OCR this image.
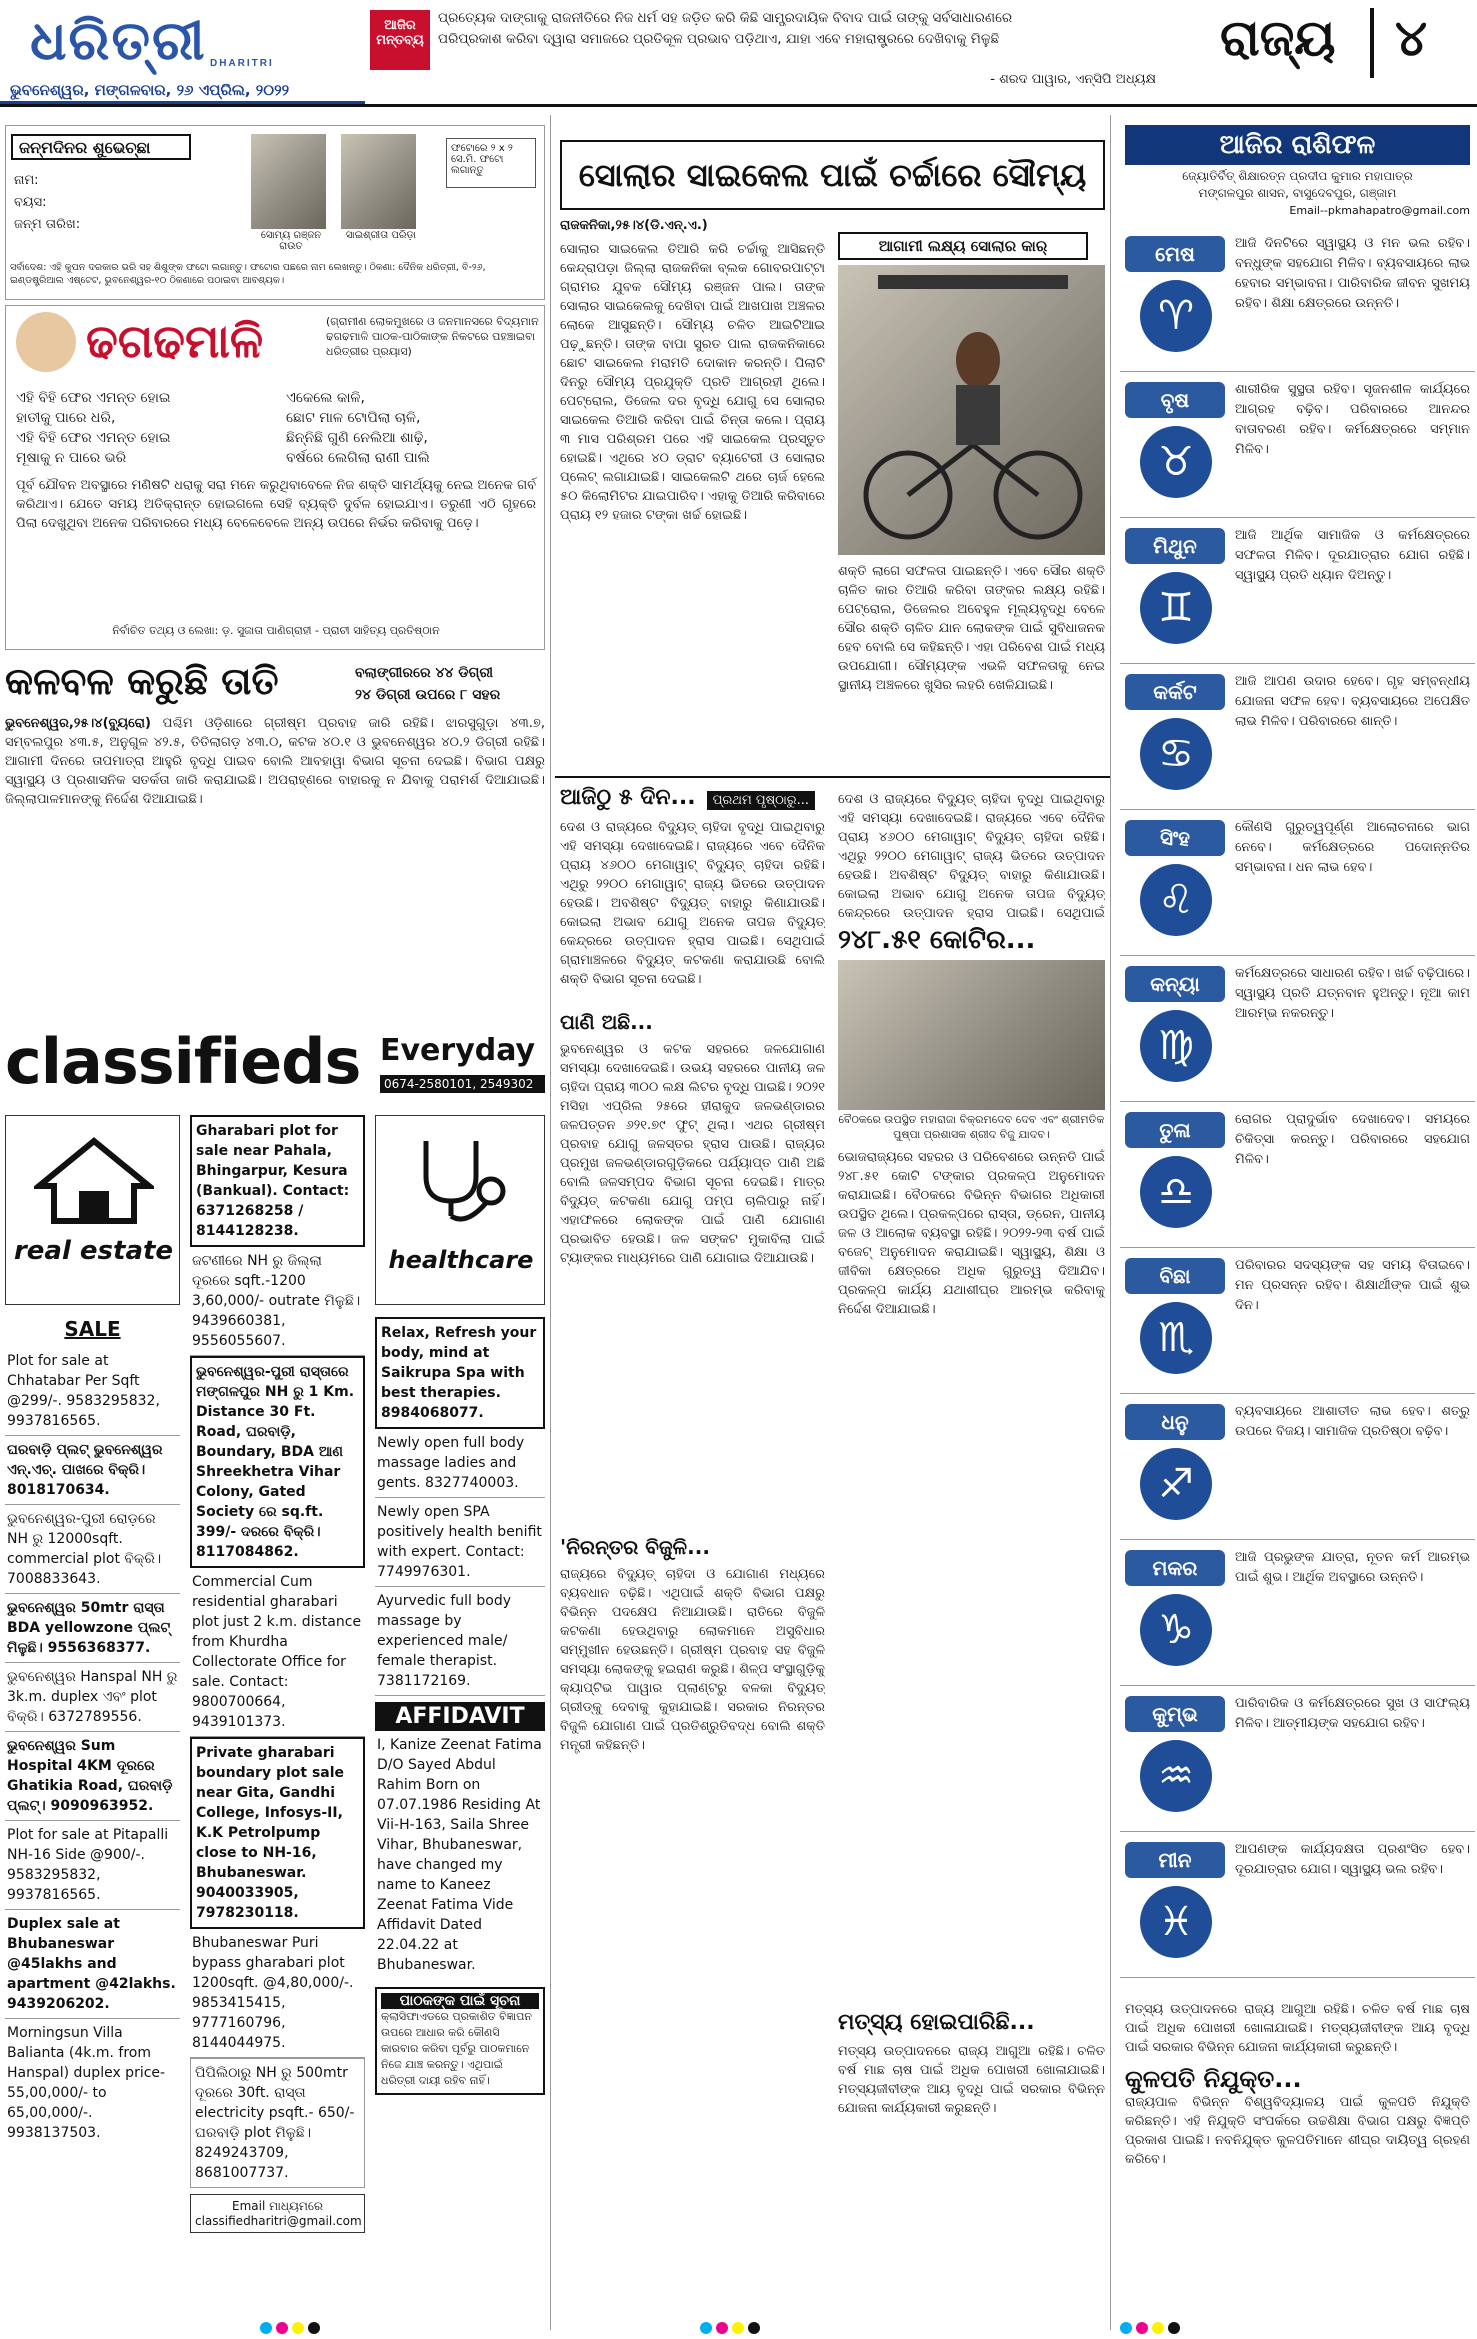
ଧରିତ୍ରୀ DHARITRI
ଭୁବନେଶ୍ୱର, ମଙ୍ଗଳବାର, ୨୬ ଏପ୍ରିଲ, ୨୦୨୨
ଆଜିର ମନ୍ତବ୍ୟ
ପ୍ରତ୍ୟେକ ଦାଙ୍ଗାକୁ ରାଜନୀତିରେ ନିଜ ଧର୍ମ ସହ ଜଡ଼ିତ କରି କିଛି ସାମ୍ପ୍ରଦାୟିକ ବିବାଦ ପାଇଁ ତାଙ୍କୁ ସର୍ବସାଧାରଣରେ
ପରିପ୍ରକାଶ କରିବା ଦ୍ୱାରା ସମାଜରେ ପ୍ରତିକୂଳ ପ୍ରଭାବ ପଡ଼ିଥାଏ, ଯାହା ଏବେ ମହାରାଷ୍ଟ୍ରରେ ଦେଖିବାକୁ ମିଳୁଛି
- ଶରଦ ପାୱାର, ଏନ୍‌ସିପି ଅଧ୍ୟକ୍ଷ
ରାଜ୍ୟ ୪
ଜନ୍ମଦିନର ଶୁଭେଚ୍ଛା
ନାମ:
ବୟସ:
ଜନ୍ମ ତାରିଖ:
ସୋମ୍ୟ ରଞ୍ଜନ ରାଉତ
ସାଇଶ୍ରୀତା ପରିଡ଼ା
ଫଟୋରେ ୨ x ୨ ସେ.ମି. ଫଟୋ ଲଗାନ୍ତୁ
ସର୍ବାଦେଶ: ଏହି କୁପନ ଦରକାର ଭରି ସହ ଶିଶୁଙ୍କ ଫଟୋ ଲଗାନ୍ତୁ। ଫଟୋର ପଛରେ ନାମ ଲେଖନ୍ତୁ। ଠିକଣା: ଦୈନିକ ଧରିତ୍ରୀ, ବି-୨୬, ଇଣ୍ଡଷ୍ଟ୍ରିଆଲ ଏଷ୍ଟେଟ, ଭୁବନେଶ୍ୱର-୧୦ ଠିକଣାରେ ପଠାଇବା ଆବଶ୍ୟକ।
ଢଗଢମାଳି	(ଗ୍ରାମୀଣ ଲୋକମୁଖରେ ଓ ଜନମାନସରେ ବିଦ୍ୟମାନ ଢଗଢମାଳି ପାଠକ-ପାଠିକାଙ୍କ ନିକଟରେ ପହଞ୍ଚାଇବା ଧରିତ୍ରୀର ପ୍ରୟାସ)
ଏହି ବିହି ଫେର ଏମନ୍ତ ହୋଇ
ହାତୀକୁ ପାରେ ଧରି,
ଏହି ବିହି ଫେର ଏମନ୍ତ ହୋଇ
ମୂଷାକୁ ନ ପାରେ ଭରି
ଏକେଲେ କାଳି,
ଛୋଟ ମାଳ ଟୋପିଲା ଚାଳି,
ଛିନ୍ନିଛି ଗୁଣି ନେଲିଆ ଶାଢ଼ି,
ବର୍ଷରେ ଲେଗିଲା ରାଣୀ ପାଲି
ପୂର୍ବ ଯୌବନ ଅବସ୍ଥାରେ ମଣିଷଟି ଧରାକୁ ସରା ମନେ କରୁଥିବାବେଳେ ନିଜ ଶକ୍ତି ସାମର୍ଥ୍ୟକୁ ନେଇ ଅନେକ ଗର୍ବ କରିଥାଏ। ଯେତେ ସମୟ ଅତିକ୍ରାନ୍ତ ହୋଇଗଲେ ସେହି ବ୍ୟକ୍ତି ଦୁର୍ବଳ ହୋଇଯାଏ। ତରୁଣୀ ଏଠି ଗୃହରେ ପିଲା ଦେଖୁଥିବା ଅନେକ ପରିବାରରେ ମଧ୍ୟ ବେଳେବେଳେ ଅନ୍ୟ ଉପରେ ନିର୍ଭର କରିବାକୁ ପଡ଼େ।
ନିର୍ବାଚିତ ତଥ୍ୟ ଓ ଲେଖା: ଡ଼. ସୁଜାତା ପାଣିଗ୍ରାହୀ - ପ୍ରାଚୀ ସାହିତ୍ୟ ପ୍ରତିଷ୍ଠାନ
କଳବଳ କରୁଛି ତାତି	ବଲାଙ୍ଗୀରରେ ୪୪ ଡିଗ୍ରୀ
୨୪ ଡିଗ୍ରୀ ଉପରେ ୮ ସହର
ଭୁବନେଶ୍ୱର,୨୫।୪(ବ୍ୟୁରୋ) ପଶ୍ଚିମ ଓଡ଼ିଶାରେ ଗ୍ରୀଷ୍ମ ପ୍ରବାହ ଜାରି ରହିଛି। ଝାରସୁଗୁଡ଼ା ୪୩.୭, ସମ୍ବଲପୁର ୪୩.୫, ଅନୁଗୁଳ ୪୨.୫, ତିତିଲାଗଡ଼ ୪୩.୦, କଟକ ୪୦.୧ ଓ ଭୁବନେଶ୍ୱର ୪୦.୨ ଡିଗ୍ରୀ ରହିଛି। ଆଗାମୀ ଦିନରେ ତାପମାତ୍ରା ଆହୁରି ବୃଦ୍ଧି ପାଇବ ବୋଲି ଆବହାୱା ବିଭାଗ ସୂଚନା ଦେଇଛି। ବିଭାଗ ପକ୍ଷରୁ ସ୍ୱାସ୍ଥ୍ୟ ଓ ପ୍ରଶାସନିକ ସତର୍କତା ଜାରି କରାଯାଇଛି। ଅପରାହ୍ଣରେ ବାହାରକୁ ନ ଯିବାକୁ ପରାମର୍ଶ ଦିଆଯାଇଛି। ଜିଲ୍ଲାପାଳମାନଙ୍କୁ ନିର୍ଦ୍ଦେଶ ଦିଆଯାଇଛି।
classifieds Everyday
0674-2580101, 2549302
real estate
SALE
Plot for sale at Chhatabar Per Sqft @299/-. 9583295832, 9937816565.
ଘରବାଡ଼ି ପ୍ଲଟ୍ ଭୁବନେଶ୍ୱର ଏନ୍.ଏଚ୍. ପାଖରେ ବିକ୍ରି। 8018170634.
ଭୁବନେଶ୍ୱର-ପୁରୀ ରୋଡ଼ରେ NH ରୁ 12000sqft. commercial plot ବିକ୍ରି। 7008833643.
ଭୁବନେଶ୍ୱର 50mtr ରାସ୍ତା BDA yellowzone ପ୍ଲଟ୍ ମିଳୁଛି। 9556368377.
ଭୁବନେଶ୍ୱର Hanspal NH ରୁ 3k.m. duplex ଏବଂ plot ବିକ୍ରି। 6372789556.
ଭୁବନେଶ୍ୱର Sum Hospital 4KM ଦୂରରେ Ghatikia Road, ଘରବାଡ଼ି ପ୍ଲଟ୍। 9090963952.
Plot for sale at Pitapalli NH-16 Side @900/-. 9583295832, 9937816565.
Duplex sale at Bhubaneswar @45lakhs and apartment @42lakhs. 9439206202.
Morningsun Villa Balianta (4k.m. from Hanspal) duplex price- 55,00,000/- to 65,00,000/-. 9938137503.
Gharabari plot for sale near Pahala, Bhingarpur, Kesura (Bankual). Contact: 6371268258 / 8144128238.
ଜଟଣୀରେ NH ରୁ ଜିଲ୍ଲା ଦୂରରେ sqft.-1200 3,60,000/- outrate ମିଳୁଛି। 9439660381, 9556055607.
ଭୁବନେଶ୍ୱର-ପୁରୀ ରାସ୍ତାରେ ମଙ୍ଗଳପୁର NH ରୁ 1 Km. Distance 30 Ft. Road, ଘରବାଡ଼ି, Boundary, BDA ଆଣ Shreekhetra Vihar Colony, Gated Society ରେ sq.ft. 399/- ଦରରେ ବିକ୍ରି। 8117084862.
Commercial Cum residential gharabari plot just 2 k.m. distance from Khurdha Collectorate Office for sale. Contact: 9800700664, 9439101373.
Private gharabari boundary plot sale near Gita, Gandhi College, Infosys-II, K.K Petrolpump close to NH-16, Bhubaneswar. 9040033905, 7978230118.
Bhubaneswar Puri bypass gharabari plot 1200sqft. @4,80,000/-. 9853415415, 9777160796, 8144044975.
ପିପିଲିଠାରୁ NH ରୁ 500mtr ଦୂରରେ 30ft. ରାସ୍ତା electricity psqft.- 650/- ଘରବାଡ଼ି plot ମିଳୁଛି। 8249243709, 8681007737.
Email ମାଧ୍ୟମରେ classifiedharitri@gmail.com
healthcare
Relax, Refresh your body, mind at Saikrupa Spa with best therapies. 8984068077.
Newly open full body massage ladies and gents. 8327740003.
Newly open SPA positively health benifit with expert. Contact: 7749976301.
Ayurvedic full body massage by experienced male/ female therapist. 7381172169.
AFFIDAVIT
I, Kanize Zeenat Fatima D/O Sayed Abdul Rahim Born on 07.07.1986 Residing At Vii-H-163, Saila Shree Vihar, Bhubaneswar, have changed my name to Kaneez Zeenat Fatima Vide Affidavit Dated 22.04.22 at Bhubaneswar.
ପାଠକଙ୍କ ପାଇଁ ସୂଚନା
କ୍ଲାସିଫାଏଡରେ ପ୍ରକାଶିତ ବିଜ୍ଞାପନ ଉପରେ ଆଧାର କରି କୌଣସି କାରବାର କରିବା ପୂର୍ବରୁ ପାଠକମାନେ ନିଜେ ଯାଞ୍ଚ କରନ୍ତୁ। ଏଥିପାଇଁ ଧରିତ୍ରୀ ଦାୟୀ ରହିବ ନାହିଁ।
ସୋଲାର ସାଇକେଲ ପାଇଁ ଚର୍ଚ୍ଚାରେ ସୌମ୍ୟ
ରାଜକନିକା,୨୫।୪(ଡି.ଏନ୍.ଏ.)
ସୋଲାର ସାଇକେଲ ତିଆରି କରି ଚର୍ଚ୍ଚାକୁ ଆସିଛନ୍ତି କେନ୍ଦ୍ରାପଡ଼ା ଜିଲ୍ଲା ରାଜକନିକା ବ୍ଲକ ଗୋବରପାଟ୍ଟା ଗ୍ରାମର ଯୁବକ ସୌମ୍ୟ ରଞ୍ଜନ ପାଲ। ତାଙ୍କ ସୋଲାର ସାଇକେଲକୁ ଦେଖିବା ପାଇଁ ଆଖପାଖ ଅଞ୍ଚଳର ଲୋକେ ଆସୁଛନ୍ତି। ସୌମ୍ୟ ଚଳିତ ଆଇଟିଆଇ ପଢ଼ୁଛନ୍ତି। ତାଙ୍କ ବାପା ସୁରତ ପାଲ ରାଜକନିକାରେ ଛୋଟ ସାଇକେଲ ମରାମତି ଦୋକାନ କରନ୍ତି। ପିଲାଟି ଦିନରୁ ସୌମ୍ୟ ପ୍ରଯୁକ୍ତି ପ୍ରତି ଆଗ୍ରହୀ ଥିଲେ। ପେଟ୍ରୋଲ, ଡିଜେଲ ଦର ବୃଦ୍ଧି ଯୋଗୁ ସେ ସୋଲାର ସାଇକେଲ ତିଆରି କରିବା ପାଇଁ ଚିନ୍ତା କଲେ। ପ୍ରାୟ ୩ ମାସ ପରିଶ୍ରମ ପରେ ଏହି ସାଇକେଲ ପ୍ରସ୍ତୁତ ହୋଇଛି। ଏଥିରେ ୪୦ ଡ୍ରାଟ ବ୍ୟାଟେରୀ ଓ ସୋଲାର ପ୍ଲେଟ୍ ଲଗାଯାଇଛି। ସାଇକେଲଟି ଥରେ ଚାର୍ଜ ହେଲେ ୫୦ କିଲୋମିଟର ଯାଇପାରିବ। ଏହାକୁ ତିଆରି କରିବାରେ ପ୍ରାୟ ୧୨ ହଜାର ଟଙ୍କା ଖର୍ଚ୍ଚ ହୋଇଛି।
ଆଗାମୀ ଲକ୍ଷ୍ୟ ସୋଲାର କାର୍
ଶକ୍ତି ଲାଗେ ସଫଳତା ପାଇଛନ୍ତି। ଏବେ ସୌର ଶକ୍ତି ଚାଳିତ କାର ତିଆରି କରିବା ତାଙ୍କର ଲକ୍ଷ୍ୟ ରହିଛି। ପେଟ୍ରୋଲ, ଡିଜେଲର ଅବେହୁଳ ମୂଲ୍ୟବୃଦ୍ଧି ବେଳେ ସୌର ଶକ୍ତି ଚାଳିତ ଯାନ ଲୋକଙ୍କ ପାଇଁ ସୁବିଧାଜନକ ହେବ ବୋଲି ସେ କହିଛନ୍ତି। ଏହା ପରିବେଶ ପାଇଁ ମଧ୍ୟ ଉପଯୋଗୀ। ସୌମ୍ୟଙ୍କ ଏଭଳି ସଫଳତାକୁ ନେଇ ସ୍ଥାନୀୟ ଅଞ୍ଚଳରେ ଖୁସିର ଲହରି ଖେଳିଯାଇଛି।
ଆଜିଠୁ ୫ ଦିନ... ପ୍ରଥମ ପୃଷ୍ଠାରୁ...
ଦେଶ ଓ ରାଜ୍ୟରେ ବିଦ୍ୟୁତ୍ ଚାହିଦା ବୃଦ୍ଧି ପାଇଥିବାରୁ ଏହି ସମସ୍ୟା ଦେଖାଦେଇଛି। ରାଜ୍ୟରେ ଏବେ ଦୈନିକ ପ୍ରାୟ ୪୬୦୦ ମେଗାୱାଟ୍ ବିଦ୍ୟୁତ୍ ଚାହିଦା ରହିଛି। ଏଥିରୁ ୨୨୦୦ ମେଗାୱାଟ୍ ରାଜ୍ୟ ଭିତରେ ଉତ୍ପାଦନ ହେଉଛି। ଅବଶିଷ୍ଟ ବିଦ୍ୟୁତ୍ ବାହାରୁ କିଣାଯାଉଛି। କୋଇଲା ଅଭାବ ଯୋଗୁ ଅନେକ ତାପଜ ବିଦ୍ୟୁତ୍ କେନ୍ଦ୍ରରେ ଉତ୍ପାଦନ ହ୍ରାସ ପାଇଛି। ସେଥିପାଇଁ ଗ୍ରାମାଞ୍ଚଳରେ ବିଦ୍ୟୁତ୍ କଟକଣା କରାଯାଉଛି ବୋଲି ଶକ୍ତି ବିଭାଗ ସୂଚନା ଦେଇଛି।
ପାଣି ଅଛି...
ଭୁବନେଶ୍ୱର ଓ କଟକ ସହରରେ ଜଳଯୋଗାଣ ସମସ୍ୟା ଦେଖାଦେଇଛି। ଉଭୟ ସହରରେ ପାନୀୟ ଜଳ ଚାହିଦା ପ୍ରାୟ ୩୦୦ ଲକ୍ଷ ଲିଟର ବୃଦ୍ଧି ପାଇଛି। ୨୦୨୧ ମସିହା ଏପ୍ରିଲ ୨୫ରେ ହୀରାକୁଦ ଜଳଭଣ୍ଡାରର ଜଳପତ୍ତନ ୬୨୧.୭୯ ଫୁଟ୍ ଥିଲା। ଏଥର ଗ୍ରୀଷ୍ମ ପ୍ରବାହ ଯୋଗୁ ଜଳସ୍ତର ହ୍ରାସ ପାଉଛି। ରାଜ୍ୟର ପ୍ରମୁଖ ଜଳଭଣ୍ଡାରଗୁଡ଼ିକରେ ପର୍ଯ୍ୟାପ୍ତ ପାଣି ଅଛି ବୋଲି ଜଳସମ୍ପଦ ବିଭାଗ ସୂଚନା ଦେଇଛି। ମାତ୍ର ବିଦ୍ୟୁତ୍ କଟକଣା ଯୋଗୁ ପମ୍ପ ଚାଲିପାରୁ ନାହିଁ। ଏହାଫଳରେ ଲୋକଙ୍କ ପାଇଁ ପାଣି ଯୋଗାଣ ପ୍ରଭାବିତ ହେଉଛି। ଜଳ ସଙ୍କଟ ମୁକାବିଲା ପାଇଁ ଟ୍ୟାଙ୍କର ମାଧ୍ୟମରେ ପାଣି ଯୋଗାଇ ଦିଆଯାଉଛି।
'ନିରନ୍ତର ବିଜୁଳି...
ରାଜ୍ୟରେ ବିଦ୍ୟୁତ୍ ଚାହିଦା ଓ ଯୋଗାଣ ମଧ୍ୟରେ ବ୍ୟବଧାନ ବଢ଼ିଛି। ଏଥିପାଇଁ ଶକ୍ତି ବିଭାଗ ପକ୍ଷରୁ ବିଭିନ୍ନ ପଦକ୍ଷେପ ନିଆଯାଉଛି। ରାତିରେ ବିଜୁଳି କଟକଣା ହେଉଥିବାରୁ ଲୋକମାନେ ଅସୁବିଧାର ସମ୍ମୁଖୀନ ହେଉଛନ୍ତି। ଗ୍ରୀଷ୍ମ ପ୍ରବାହ ସହ ବିଜୁଳି ସମସ୍ୟା ଲୋକଙ୍କୁ ହଇରାଣ କରୁଛି। ଶିଳ୍ପ ସଂସ୍ଥାଗୁଡ଼ିକୁ କ୍ୟାପ୍ଟିଭ ପାୱାର ପ୍ଲାଣ୍ଟରୁ ବଳକା ବିଦ୍ୟୁତ୍ ଗ୍ରୀଡ୍‌କୁ ଦେବାକୁ କୁହାଯାଇଛି। ସରକାର ନିରନ୍ତର ବିଜୁଳି ଯୋଗାଣ ପାଇଁ ପ୍ରତିଶ୍ରୁତିବଦ୍ଧ ବୋଲି ଶକ୍ତି ମନ୍ତ୍ରୀ କହିଛନ୍ତି।
ଦେଶ ଓ ରାଜ୍ୟରେ ବିଦ୍ୟୁତ୍ ଚାହିଦା ବୃଦ୍ଧି ପାଇଥିବାରୁ ଏହି ସମସ୍ୟା ଦେଖାଦେଇଛି। ରାଜ୍ୟରେ ଏବେ ଦୈନିକ ପ୍ରାୟ ୪୬୦୦ ମେଗାୱାଟ୍ ବିଦ୍ୟୁତ୍ ଚାହିଦା ରହିଛି। ଏଥିରୁ ୨୨୦୦ ମେଗାୱାଟ୍ ରାଜ୍ୟ ଭିତରେ ଉତ୍ପାଦନ ହେଉଛି। ଅବଶିଷ୍ଟ ବିଦ୍ୟୁତ୍ ବାହାରୁ କିଣାଯାଉଛି। କୋଇଲା ଅଭାବ ଯୋଗୁ ଅନେକ ତାପଜ ବିଦ୍ୟୁତ୍ କେନ୍ଦ୍ରରେ ଉତ୍ପାଦନ ହ୍ରାସ ପାଇଛି। ସେଥିପାଇଁ
୨୪୮.୫୧ କୋଟିର...
ବୈଠକରେ ଉପସ୍ଥିତ ମହାରାଜା ବିକ୍ରମଦେବ ଦେବ ଏବଂ ଶ୍ରୀମତିକ ପୁଷ୍ପା ପ୍ରଶାସକ ଶ୍ରୀଦ ବିଜୁ ଯାଦବ।
ଭୋଜରାଜ୍ୟରେ ସହରର ଓ ପରିବେଶରେ ଉନ୍ନତି ପାଇଁ ୨୪୮.୫୧ କୋଟି ଟଙ୍କାର ପ୍ରକଳ୍ପ ଅନୁମୋଦନ କରାଯାଇଛି। ବୈଠକରେ ବିଭିନ୍ନ ବିଭାଗର ଅଧିକାରୀ ଉପସ୍ଥିତ ଥିଲେ। ପ୍ରକଳ୍ପରେ ରାସ୍ତା, ଡ୍ରେନ, ପାନୀୟ ଜଳ ଓ ଆଲୋକ ବ୍ୟବସ୍ଥା ରହିଛି। ୨୦୨୨-୨୩ ବର୍ଷ ପାଇଁ ବଜେଟ୍ ଅନୁମୋଦନ କରାଯାଇଛି। ସ୍ୱାସ୍ଥ୍ୟ, ଶିକ୍ଷା ଓ ଜୀବିକା କ୍ଷେତ୍ରରେ ଅଧିକ ଗୁରୁତ୍ୱ ଦିଆଯିବ। ପ୍ରକଳ୍ପ କାର୍ଯ୍ୟ ଯଥାଶୀଘ୍ର ଆରମ୍ଭ କରିବାକୁ ନିର୍ଦ୍ଦେଶ ଦିଆଯାଇଛି।
ମତ୍ସ୍ୟ ହୋଇପାରିଛି...
ମତ୍ସ୍ୟ ଉତ୍ପାଦନରେ ରାଜ୍ୟ ଆଗୁଆ ରହିଛି। ଚଳିତ ବର୍ଷ ମାଛ ଚାଷ ପାଇଁ ଅଧିକ ପୋଖରୀ ଖୋଳାଯାଇଛି। ମତ୍ସ୍ୟଜୀବୀଙ୍କ ଆୟ ବୃଦ୍ଧି ପାଇଁ ସରକାର ବିଭିନ୍ନ ଯୋଜନା କାର୍ଯ୍ୟକାରୀ କରୁଛନ୍ତି।
ଆଜିର ରାଶିଫଳ
ଜ୍ୟୋତିର୍ବିତ୍ ଶିକ୍ଷାରତ୍ନ ପ୍ରଦୀପ କୁମାର ମହାପାତ୍ର
ମଙ୍ଗଳପୁର ଶାସନ, ବାସୁଦେବପୁର, ଗଞ୍ଜାମ
Email--pkmahapatro@gmail.com
ମେଷ
♈
ଆଜି ଦିନଟିରେ ସ୍ୱାସ୍ଥ୍ୟ ଓ ମନ ଭଲ ରହିବ। ବନ୍ଧୁଙ୍କ ସହଯୋଗ ମିଳିବ। ବ୍ୟବସାୟରେ ଲାଭ ହେବାର ସମ୍ଭାବନା। ପାରିବାରିକ ଜୀବନ ସୁଖମୟ ରହିବ। ଶିକ୍ଷା କ୍ଷେତ୍ରରେ ଉନ୍ନତି।
ବୃଷ
♉
ଶାରୀରିକ ସୁସ୍ଥତା ରହିବ। ସୃଜନଶୀଳ କାର୍ଯ୍ୟରେ ଆଗ୍ରହ ବଢ଼ିବ। ପରିବାରରେ ଆନନ୍ଦର ବାତାବରଣ ରହିବ। କର୍ମକ୍ଷେତ୍ରରେ ସମ୍ମାନ ମିଳିବ।
ମିଥୁନ
♊
ଆଜି ଆର୍ଥିକ ସାମାଜିକ ଓ କର୍ମକ୍ଷେତ୍ରରେ ସଫଳତା ମିଳିବ। ଦୂରଯାତ୍ରାର ଯୋଗ ରହିଛି। ସ୍ୱାସ୍ଥ୍ୟ ପ୍ରତି ଧ୍ୟାନ ଦିଅନ୍ତୁ।
କର୍କଟ
♋
ଆଜି ଆପଣ ଉଦାର ହେବେ। ଗୃହ ସମ୍ବନ୍ଧୀୟ ଯୋଜନା ସଫଳ ହେବ। ବ୍ୟବସାୟରେ ଅପେକ୍ଷିତ ଲାଭ ମିଳିବ। ପରିବାରରେ ଶାନ୍ତି।
ସିଂହ
♌
କୌଣସି ଗୁରୁତ୍ୱପୂର୍ଣ୍ଣ ଆଲୋଚନାରେ ଭାଗ ନେବେ। କର୍ମକ୍ଷେତ୍ରରେ ପଦୋନ୍ନତିର ସମ୍ଭାବନା। ଧନ ଲାଭ ହେବ।
କନ୍ୟା
♍
କର୍ମକ୍ଷେତ୍ରରେ ସାଧାରଣ ରହିବ। ଖର୍ଚ୍ଚ ବଢ଼ିପାରେ। ସ୍ୱାସ୍ଥ୍ୟ ପ୍ରତି ଯତ୍ନବାନ ହୁଅନ୍ତୁ। ନୂଆ କାମ ଆରମ୍ଭ ନକରନ୍ତୁ।
ତୁଳା
♎
ରୋଗର ପ୍ରାଦୁର୍ଭାବ ଦେଖାଦେବ। ସମୟରେ ଚିକିତ୍ସା କରନ୍ତୁ। ପରିବାରରେ ସହଯୋଗ ମିଳିବ।
ବିଛା
♏
ପରିବାରର ସଦସ୍ୟଙ୍କ ସହ ସମୟ ବିତାଇବେ। ମନ ପ୍ରସନ୍ନ ରହିବ। ଶିକ୍ଷାର୍ଥୀଙ୍କ ପାଇଁ ଶୁଭ ଦିନ।
ଧନୁ
♐
ବ୍ୟବସାୟରେ ଆଶାତୀତ ଲାଭ ହେବ। ଶତ୍ରୁ ଉପରେ ବିଜୟ। ସାମାଜିକ ପ୍ରତିଷ୍ଠା ବଢ଼ିବ।
ମକର
♑
ଆଜି ପ୍ରଭୁଙ୍କ ଯାତ୍ରା, ନୂତନ କର୍ମ ଆରମ୍ଭ ପାଇଁ ଶୁଭ। ଆର୍ଥିକ ଅବସ୍ଥାରେ ଉନ୍ନତି।
କୁମ୍ଭ
♒
ପାରିବାରିକ ଓ କର୍ମକ୍ଷେତ୍ରରେ ସୁଖ ଓ ସାଫଲ୍ୟ ମିଳିବ। ଆତ୍ମୀୟଙ୍କ ସହଯୋଗ ରହିବ।
ମୀନ
♓
ଆପଣଙ୍କ କାର୍ଯ୍ୟଦକ୍ଷତା ପ୍ରଶଂସିତ ହେବ। ଦୂରଯାତ୍ରାର ଯୋଗ। ସ୍ୱାସ୍ଥ୍ୟ ଭଲ ରହିବ।
ମତ୍ସ୍ୟ ଉତ୍ପାଦନରେ ରାଜ୍ୟ ଆଗୁଆ ରହିଛି। ଚଳିତ ବର୍ଷ ମାଛ ଚାଷ ପାଇଁ ଅଧିକ ପୋଖରୀ ଖୋଳାଯାଇଛି। ମତ୍ସ୍ୟଜୀବୀଙ୍କ ଆୟ ବୃଦ୍ଧି ପାଇଁ ସରକାର ବିଭିନ୍ନ ଯୋଜନା କାର୍ଯ୍ୟକାରୀ କରୁଛନ୍ତି।
କୁଳପତି ନିଯୁକ୍ତ...
ରାଜ୍ୟପାଳ ବିଭିନ୍ନ ବିଶ୍ୱବିଦ୍ୟାଳୟ ପାଇଁ କୁଳପତି ନିଯୁକ୍ତି କରିଛନ୍ତି। ଏହି ନିଯୁକ୍ତି ସଂପର୍କରେ ଉଚ୍ଚଶିକ୍ଷା ବିଭାଗ ପକ୍ଷରୁ ବିଜ୍ଞପ୍ତି ପ୍ରକାଶ ପାଇଛି। ନବନିଯୁକ୍ତ କୁଳପତିମାନେ ଶୀଘ୍ର ଦାୟିତ୍ୱ ଗ୍ରହଣ କରିବେ।
